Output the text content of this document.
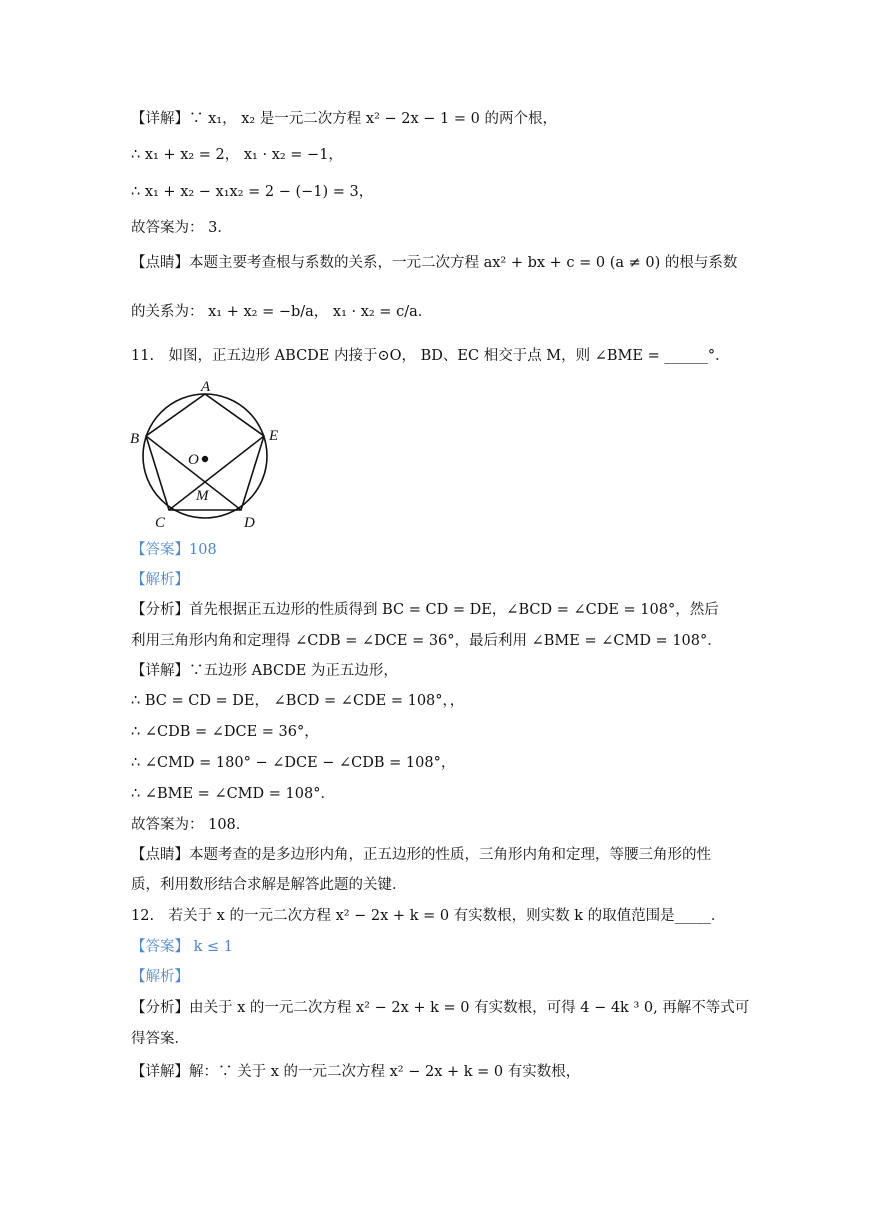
【详解】∵ x₁， x₂ 是一元二次方程 x² − 2x − 1 = 0 的两个根，
∴ x₁ + x₂ = 2， x₁ · x₂ = −1，
∴ x₁ + x₂ − x₁x₂ = 2 − (−1) = 3，
故答案为： 3．
【点睛】本题主要考查根与系数的关系，一元二次方程 ax² + bx + c = 0 (a ≠ 0) 的根与系数
的关系为： x₁ + x₂ = −b/a， x₁ · x₂ = c/a．
11.　如图，正五边形 ABCDE 内接于⊙O， BD、EC 相交于点 M，则 ∠BME = ______°．
A
B
C	D
E
O
M
【答案】108
【解析】
【分析】首先根据正五边形的性质得到 BC = CD = DE，∠BCD = ∠CDE = 108°，然后
利用三角形内角和定理得 ∠CDB = ∠DCE = 36°，最后利用 ∠BME = ∠CMD = 108°．
【详解】∵五边形 ABCDE 为正五边形，
∴ BC = CD = DE， ∠BCD = ∠CDE = 108°，，
∴ ∠CDB = ∠DCE = 36°，
∴ ∠CMD = 180° − ∠DCE − ∠CDB = 108°，
∴ ∠BME = ∠CMD = 108°．
故答案为： 108．
【点睛】本题考查的是多边形内角，正五边形的性质，三角形内角和定理，等腰三角形的性
质，利用数形结合求解是解答此题的关键．
12.　若关于 x 的一元二次方程 x² − 2x + k = 0 有实数根，则实数 k 的取值范围是_____．
【答案】 k ≤ 1
【解析】
【分析】由关于 x 的一元二次方程 x² − 2x + k = 0 有实数根，可得 4 − 4k ³ 0, 再解不等式可
得答案．
【详解】解：∵ 关于 x 的一元二次方程 x² − 2x + k = 0 有实数根，
